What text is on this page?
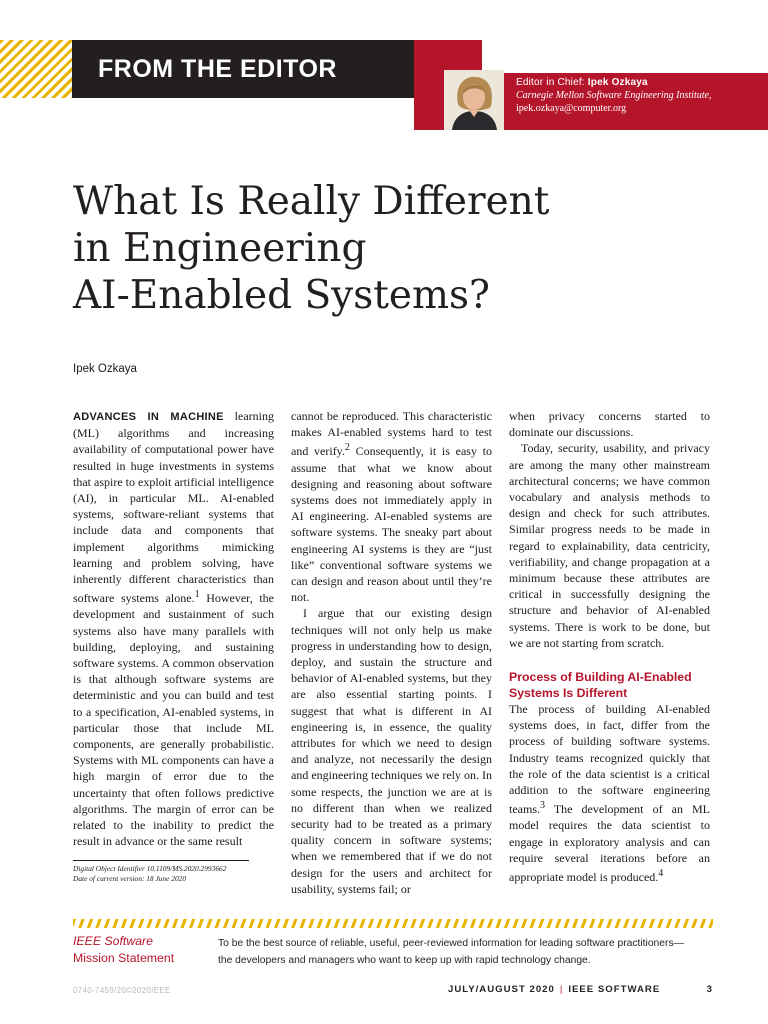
FROM THE EDITOR	Editor in Chief: Ipek Ozkaya
Carnegie Mellon Software Engineering Institute,
ipek.ozkaya@computer.org
What Is Really Different
in Engineering
AI-Enabled Systems?
Ipek Ozkaya

ADVANCES IN MACHINE learning (ML) algorithms and increasing availability of computational power have resulted in huge investments in systems that aspire to exploit artificial intelligence (AI), in particular ML. AI-enabled systems, software-reliant systems that include data and components that implement algorithms mimicking learning and problem solving, have inherently different characteristics than software systems alone.$^1$ However, the development and sustainment of such systems also have many parallels with building, deploying, and sustaining software systems. A common observation is that although software systems are deterministic and you can build and test to a specification, AI-enabled systems, in particular those that include ML components, are generally probabilistic. Systems with ML components can have a high margin of error due to the uncertainty that often follows predictive algorithms. The margin of error can be related to the inability to predict the result in advance or the same result

cannot be reproduced. This characteristic makes AI-enabled systems hard to test and verify.$^2$ Consequently, it is easy to assume that what we know about designing and reasoning about software systems does not immediately apply in AI engineering. AI-enabled systems are software systems. The sneaky part about engineering AI systems is they are “just like” conventional software systems we can design and reason about until they’re not.

I argue that our existing design techniques will not only help us make progress in understanding how to design, deploy, and sustain the structure and behavior of AI-enabled systems, but they are also essential starting points. I suggest that what is different in AI engineering is, in essence, the quality attributes for which we need to design and analyze, not necessarily the design and engineering techniques we rely on. In some respects, the junction we are at is no different than when we realized security had to be treated as a primary quality concern in software systems; when we remembered that if we do not design for the users and architect for usability, systems fail; or

when privacy concerns started to dominate our discussions.

Today, security, usability, and privacy are among the many other mainstream architectural concerns; we have common vocabulary and analysis methods to design and check for such attributes. Similar progress needs to be made in regard to explainability, data centricity, verifiability, and change propagation at a minimum because these attributes are critical in successfully designing the structure and behavior of AI-enabled systems. There is work to be done, but we are not starting from scratch.

Process of Building AI-Enabled Systems Is Different

The process of building AI-enabled systems does, in fact, differ from the process of building software systems. Industry teams recognized quickly that the role of the data scientist is a critical addition to the software engineering teams.$^3$ The development of an ML model requires the data scientist to engage in exploratory analysis and can require several iterations before an appropriate model is produced.$^4$

Digital Object Identifier 10.1109/MS.2020.2993662
Date of current version: 18 June 2020
IEEE Software
Mission Statement
To be the best source of reliable, useful, peer-reviewed information for leading software practitioners—
the developers and managers who want to keep up with rapid technology change.
0740-7459/20©2020IEEE	JULY/AUGUST 2020 | IEEE SOFTWARE	3
